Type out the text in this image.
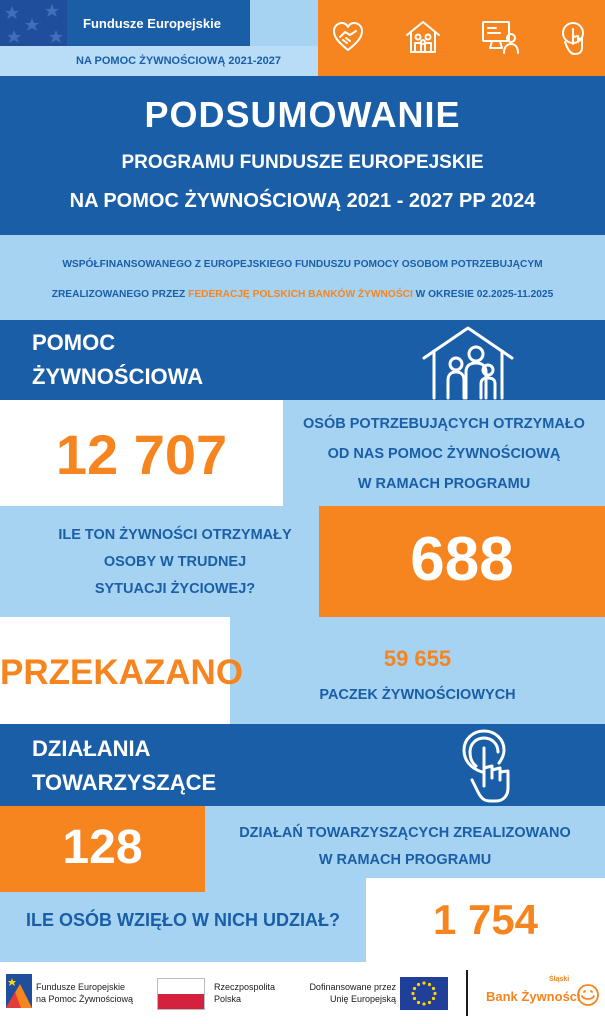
Fundusze Europejskie
NA POMOC ŻYWNOŚCIOWĄ 2021-2027
PODSUMOWANIE
PROGRAMU FUNDUSZE EUROPEJSKIE
NA POMOC ŻYWNOŚCIOWĄ 2021 - 2027 PP 2024
WSPÓŁFINANSOWANEGO Z EUROPEJSKIEGO FUNDUSZU POMOCY OSOBOM POTRZEBUJĄCYM
ZREALIZOWANEGO PRZEZ FEDERACJĘ POLSKICH BANKÓW ŻYWNOŚCI W OKRESIE 02.2025-11.2025
POMOC
ŻYWNOŚCIOWA
12 707	OSÓB POTRZEBUJĄCYCH OTRZYMAŁO
OD NAS POMOC ŻYWNOŚCIOWĄ
W RAMACH PROGRAMU
ILE TON ŻYWNOŚCI OTRZYMAŁY
OSOBY W TRUDNEJ
SYTUACJI ŻYCIOWEJ?	688
PRZEKAZANO	59 655
PACZEK ŻYWNOŚCIOWYCH
DZIAŁANIA
TOWARZYSZĄCE
128	DZIAŁAŃ TOWARZYSZĄCYCH ZREALIZOWANO
W RAMACH PROGRAMU
ILE OSÓB WZIĘŁO W NICH UDZIAŁ?	1 754
Fundusze Europejskie
na Pomoc Żywnościową
Rzeczpospolita
Polska
Dofinansowane przez
Unię Europejską
Śląski
Bank Żywności
